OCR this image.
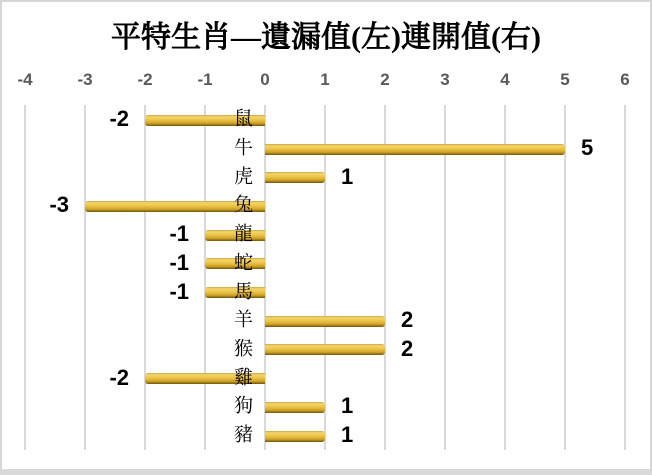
平特生肖—遺漏值(左)連開值(右)
-4	-3	-2	-1	0	1	2	3	4	5	6
鼠
-2
牛	5
虎	1
兔
-3
龍
-1
蛇
-1
馬
-1
羊	2
猴	2
雞
-2
狗	1
豬	1
